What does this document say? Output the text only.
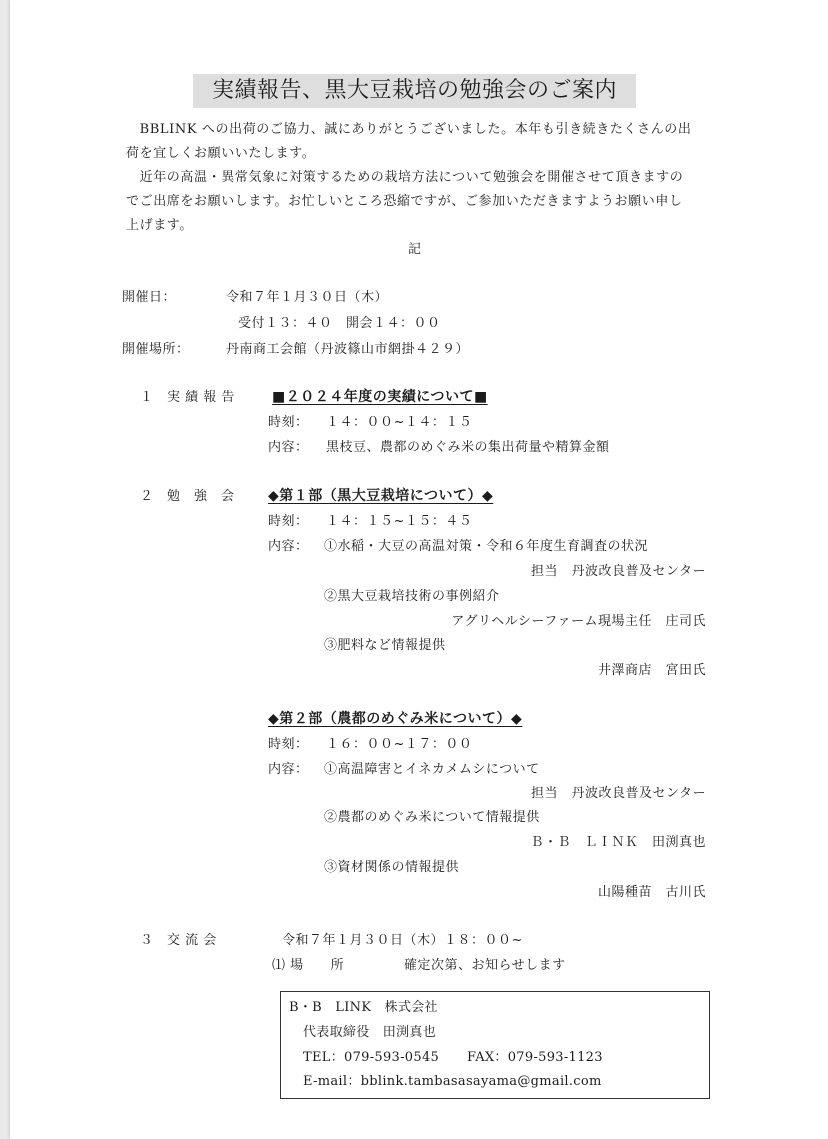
実績報告、黒大豆栽培の勉強会のご案内
　BBLINK への出荷のご協力、誠にありがとうございました。本年も引き続きたくさんの出
荷を宜しくお願いいたします。
　近年の高温・異常気象に対策するための栽培方法について勉強会を開催させて頂きますの
でご出席をお願いします。お忙しいところ恐縮ですが、ご参加いただきますようお願い申し
上げます。
記
開催日：	令和７年１月３０日（木）
受付１３：４０　開会１４：００
開催場所：	丹南商工会館（丹波篠山市網掛４２９）
１　実 績 報 告	■２０２４年度の実績について■
時刻： １４：００~１４：１５
内容： 黒枝豆、農都のめぐみ米の集出荷量や精算金額
２　勉　強　会 ◆第１部（黒大豆栽培について）◆
時刻： １４：１５~１５：４５
内容： ①水稲・大豆の高温対策・令和６年度生育調査の状況
担当　丹波改良普及センター
②黒大豆栽培技術の事例紹介
アグリヘルシーファーム現場主任　庄司氏
③肥料など情報提供
井澤商店　宮田氏
◆第２部（農都のめぐみ米について）◆
時刻： １６：００~１７：００
内容： ①高温障害とイネカメムシについて
担当　丹波改良普及センター
②農都のめぐみ米について情報提供
Ｂ・Ｂ　ＬＩＮＫ　田渕真也
③資材関係の情報提供
山陽種苗　古川氏
３　交 流 会	令和７年１月３０日（木）１８：００~
⑴ 場　　所	確定次第、お知らせします
B・B　LINK　株式会社
代表取締役　田渕真也
TEL：079-593-0545 FAX：079-593-1123
E-mail：bblink.tambasasayama@gmail.com
